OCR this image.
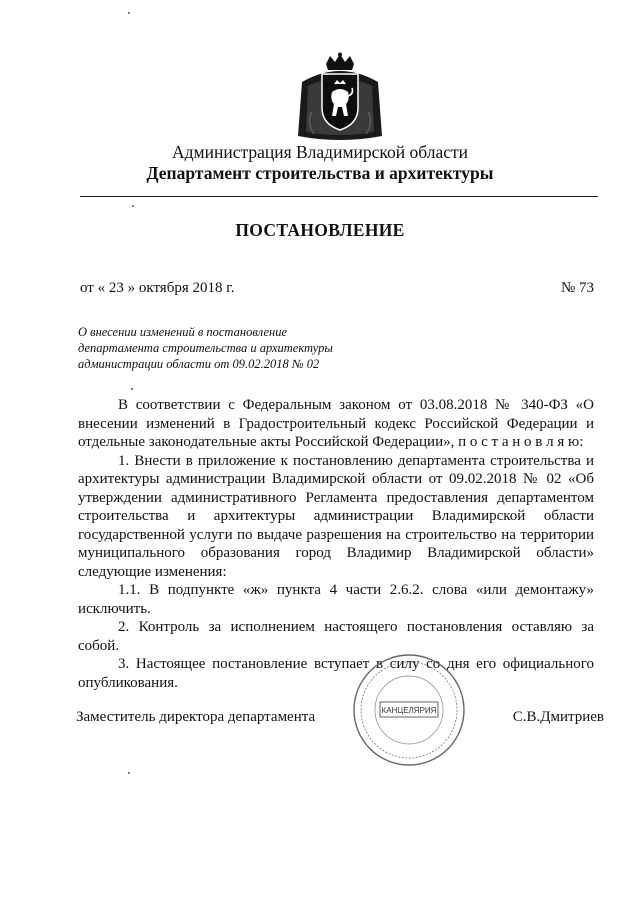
Администрация Владимирской области
Департамент строительства и архитектуры
ПОСТАНОВЛЕНИЕ
от « 23 » октября 2018 г.	№ 73
О внесении изменений в постановление
департамента строительства и архитектуры
администрации области от 09.02.2018 № 02

В соответствии с Федеральным законом от 03.08.2018 № 340-ФЗ «О внесении изменений в Градостроительный кодекс Российской Федерации и отдельные законодательные акты Российской Федерации», п о с т а н о в л я ю:

1. Внести в приложение к постановлению департамента строительства и архитектуры администрации Владимирской области от 09.02.2018 № 02 «Об утверждении административного Регламента предоставления департаментом строительства и архитектуры администрации Владимирской области государственной услуги по выдаче разрешения на строительство на территории муниципального образования город Владимир Владимирской области» следующие изменения:

1.1. В подпункте «ж» пункта 4 части 2.6.2. слова «или демонтажу» исключить.

2. Контроль за исполнением настоящего постановления оставляю за собой.

3. Настоящее постановление вступает в силу со дня его официального опубликования.

КАНЦЕЛЯРИЯ
Заместитель директора департамента	С.В.Дмитриев
